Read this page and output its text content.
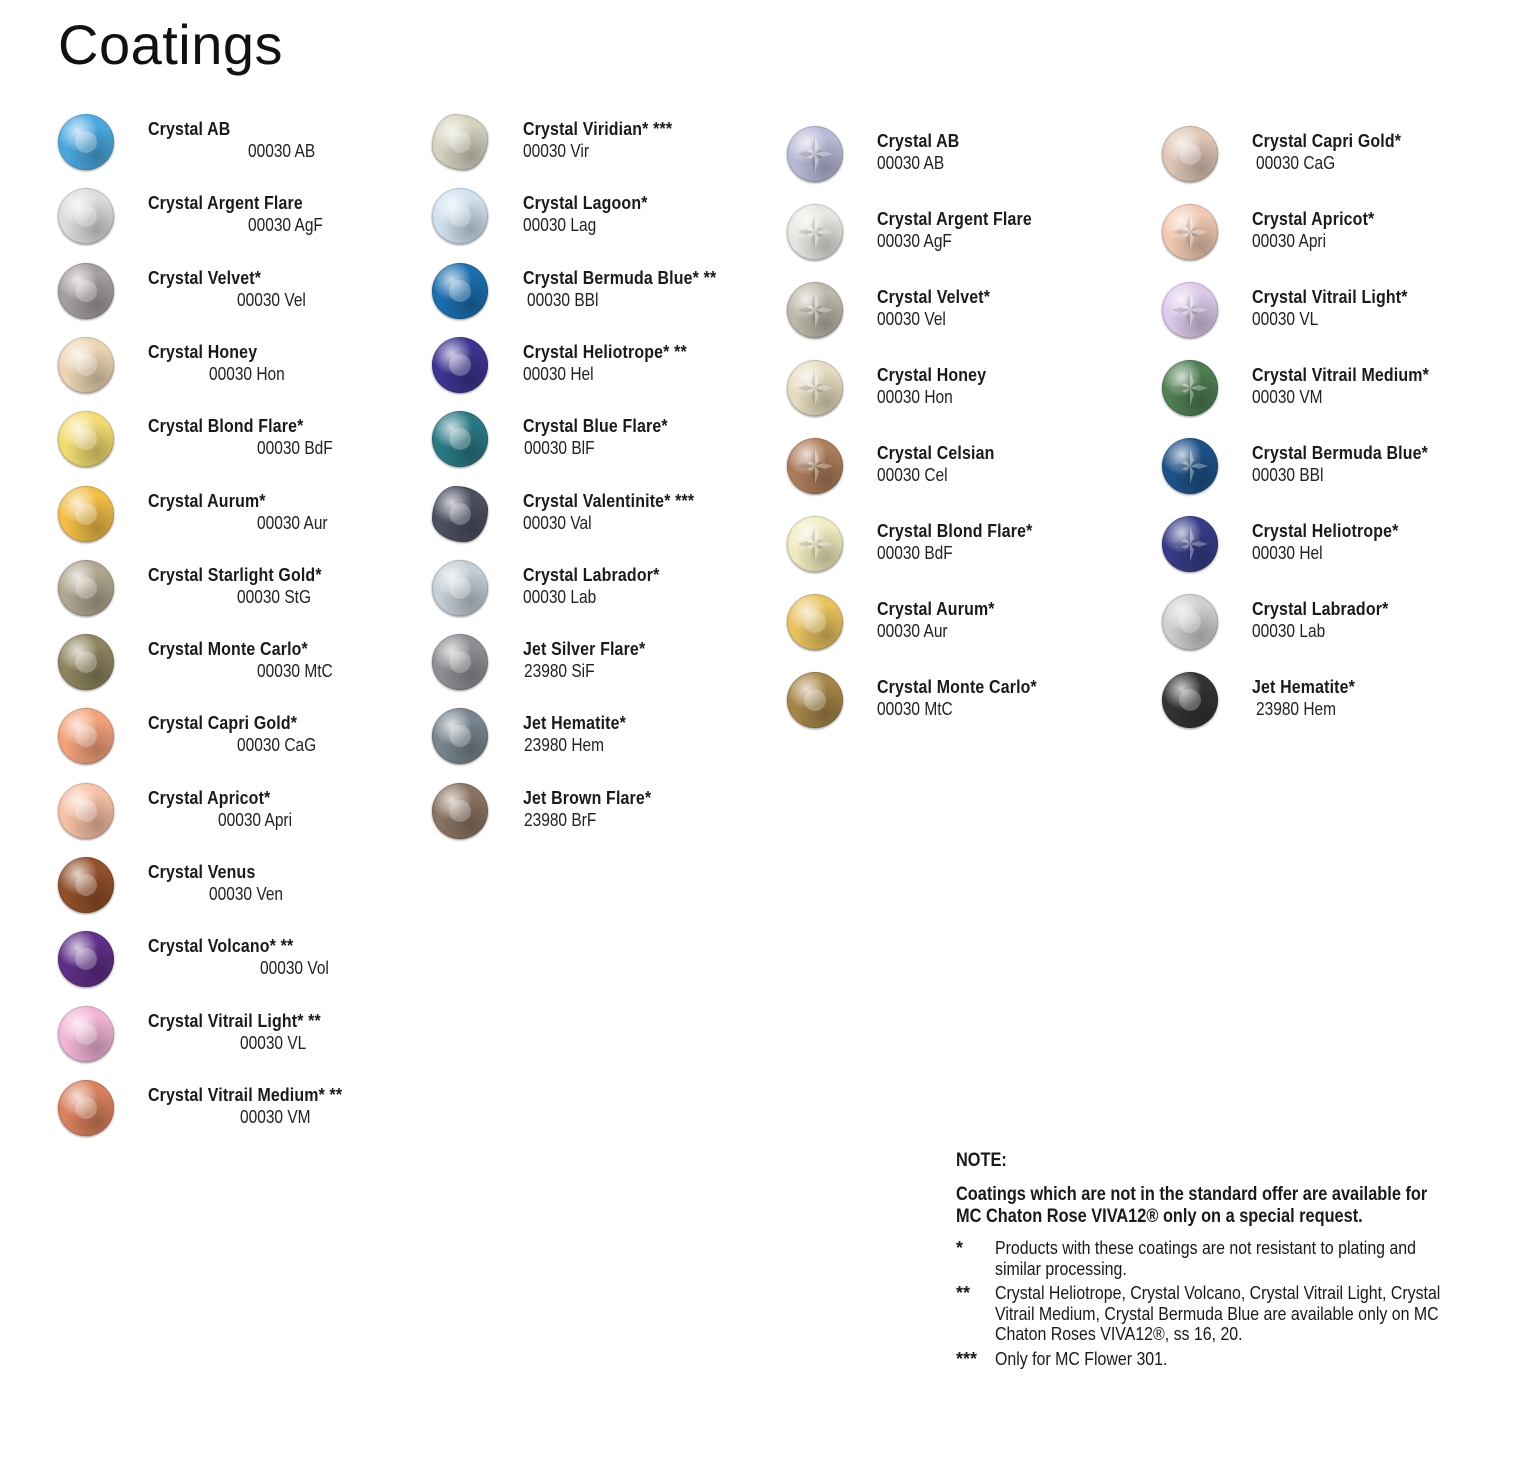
Coatings
Crystal AB
00030 AB
Crystal Argent Flare
00030 AgF
Crystal Velvet*
00030 Vel
Crystal Honey
00030 Hon
Crystal Blond Flare*
00030 BdF
Crystal Aurum*
00030 Aur
Crystal Starlight Gold*
00030 StG
Crystal Monte Carlo*
00030 MtC
Crystal Capri Gold*
00030 CaG
Crystal Apricot*
00030 Apri
Crystal Venus
00030 Ven
Crystal Volcano* **
00030 Vol
Crystal Vitrail Light* **
00030 VL
Crystal Vitrail Medium* **
00030 VM
Crystal Viridian* ***
00030 Vir
Crystal Lagoon*
00030 Lag
Crystal Bermuda Blue* **
00030 BBl
Crystal Heliotrope* **
00030 Hel
Crystal Blue Flare*
00030 BlF
Crystal Valentinite* ***
00030 Val
Crystal Labrador*
00030 Lab
Jet Silver Flare*
23980 SiF
Jet Hematite*
23980 Hem
Jet Brown Flare*
23980 BrF
Crystal AB
00030 AB
Crystal Argent Flare
00030 AgF
Crystal Velvet*
00030 Vel
Crystal Honey
00030 Hon
Crystal Celsian
00030 Cel
Crystal Blond Flare*
00030 BdF
Crystal Aurum*
00030 Aur
Crystal Monte Carlo*
00030 MtC
Crystal Capri Gold*
00030 CaG
Crystal Apricot*
00030 Apri
Crystal Vitrail Light*
00030 VL
Crystal Vitrail Medium*
00030 VM
Crystal Bermuda Blue*
00030 BBl
Crystal Heliotrope*
00030 Hel
Crystal Labrador*
00030 Lab
Jet Hematite*
23980 Hem
NOTE:
Coatings which are not in the standard offer are available for MC Chaton Rose VIVA12® only on a special request.
* Products with these coatings are not resistant to plating and similar processing.
** Crystal Heliotrope, Crystal Volcano, Crystal Vitrail Light, Crystal Vitrail Medium, Crystal Bermuda Blue are available only on MC Chaton Roses VIVA12®, ss 16, 20.
*** Only for MC Flower 301.
